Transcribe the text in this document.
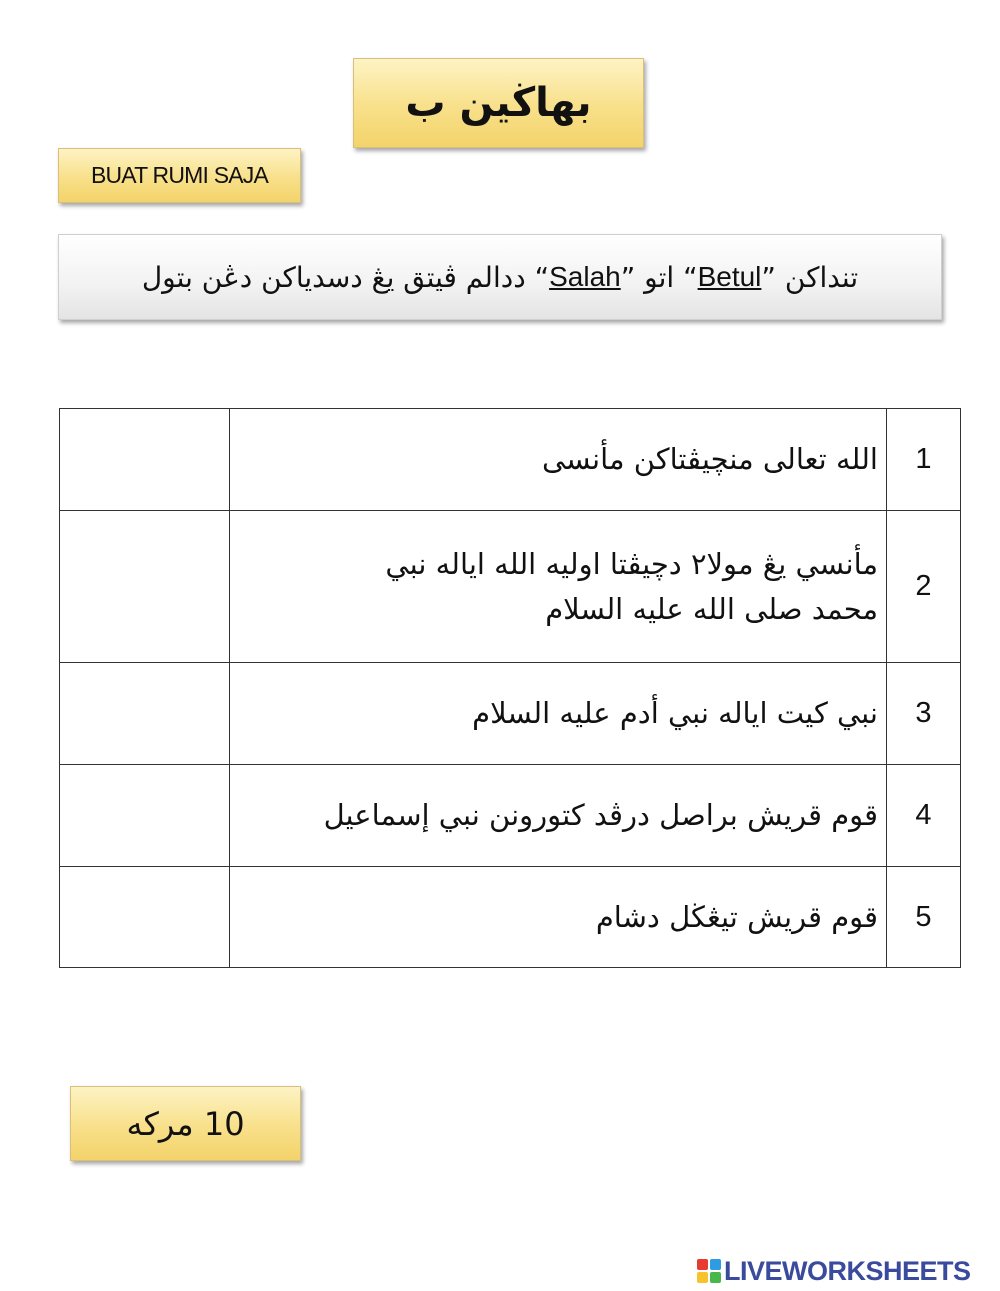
بهاڬين ب
BUAT RUMI SAJA
تنداکن ”
Betul
“ اتو ”
Salah
“ ددالم ڤيتق يڠ دسدياکن دڠن بتول

	الله تعالى منچيڤتاکن مأنسى	1

	مأنسي يڠ مولا٢ دچيڤتا اوليه الله اياله نبي
محمد صلى الله عليه السلام	2

	نبي كيت اياله نبي أدم عليه السلام	3

	قوم قريش براصل درڤد کتورونن نبي إسماعيل	4

	قوم قريش تيڠڬل دشام	5
10 مرکه
LIVEWORKSHEETS
